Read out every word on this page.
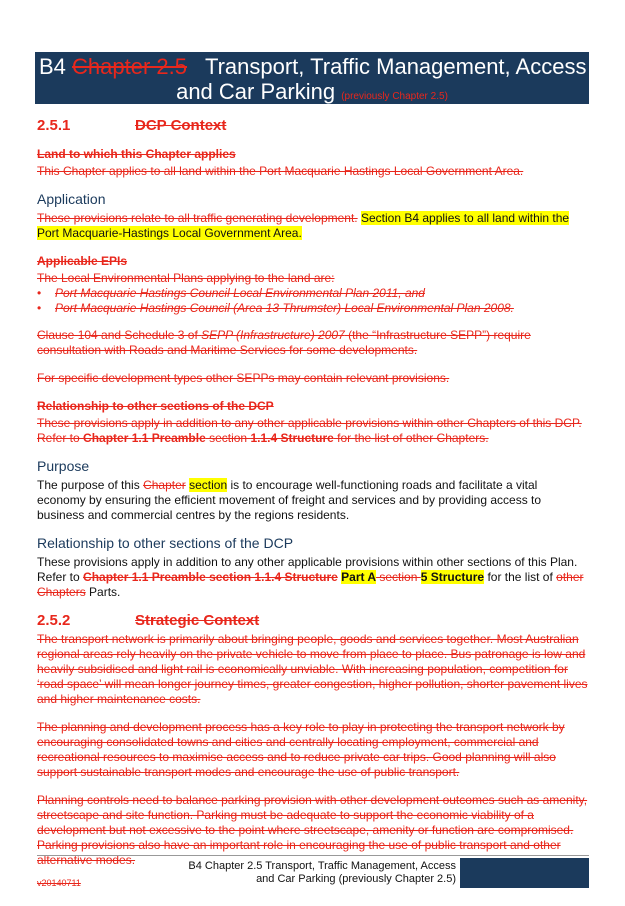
B4 Chapter 2.5 Transport, Traffic Management, Access
and Car Parking (previously Chapter 2.5)
2.5.1	DCP Context
Land to which this Chapter applies
This Chapter applies to all land within the Port Macquarie Hastings Local Government Area.
Application
These provisions relate to all traffic generating development. Section B4 applies to all land within the Port Macquarie-Hastings Local Government Area.
Applicable EPIs
The Local Environmental Plans applying to the land are:
• Port Macquarie Hastings Council Local Environmental Plan 2011, and
• Port Macquarie Hastings Council (Area 13 Thrumster) Local Environmental Plan 2008.
Clause 104 and Schedule 3 of SEPP (Infrastructure) 2007 (the “Infrastructure SEPP”) require consultation with Roads and Maritime Services for some developments.
For specific development types other SEPPs may contain relevant provisions.
Relationship to other sections of the DCP
These provisions apply in addition to any other applicable provisions within other Chapters of this DCP. Refer to Chapter 1.1 Preamble section 1.1.4 Structure for the list of other Chapters.
Purpose
The purpose of this Chapter section is to encourage well-functioning roads and facilitate a vital economy by ensuring the efficient movement of freight and services and by providing access to business and commercial centres by the regions residents.
Relationship to other sections of the DCP
These provisions apply in addition to any other applicable provisions within other sections of this Plan. Refer to Chapter 1.1 Preamble section 1.1.4 Structure Part A section 5 Structure for the list of other Chapters Parts.
2.5.2	Strategic Context
The transport network is primarily about bringing people, goods and services together. Most Australian regional areas rely heavily on the private vehicle to move from place to place. Bus patronage is low and heavily subsidised and light rail is economically unviable. With increasing population, competition for ‘road space’ will mean longer journey times, greater congestion, higher pollution, shorter pavement lives and higher maintenance costs.
The planning and development process has a key role to play in protecting the transport network by encouraging consolidated towns and cities and centrally locating employment, commercial and recreational resources to maximise access and to reduce private car trips. Good planning will also support sustainable transport modes and encourage the use of public transport.
Planning controls need to balance parking provision with other development outcomes such as amenity, streetscape and site function. Parking must be adequate to support the economic viability of a development but not excessive to the point where streetscape, amenity or function are compromised. Parking provisions also have an important role in encouraging the use of public transport and other alternative modes.	B4 Chapter 2.5 Transport, Traffic Management, Access
and Car Parking (previously Chapter 2.5)
v20140711
